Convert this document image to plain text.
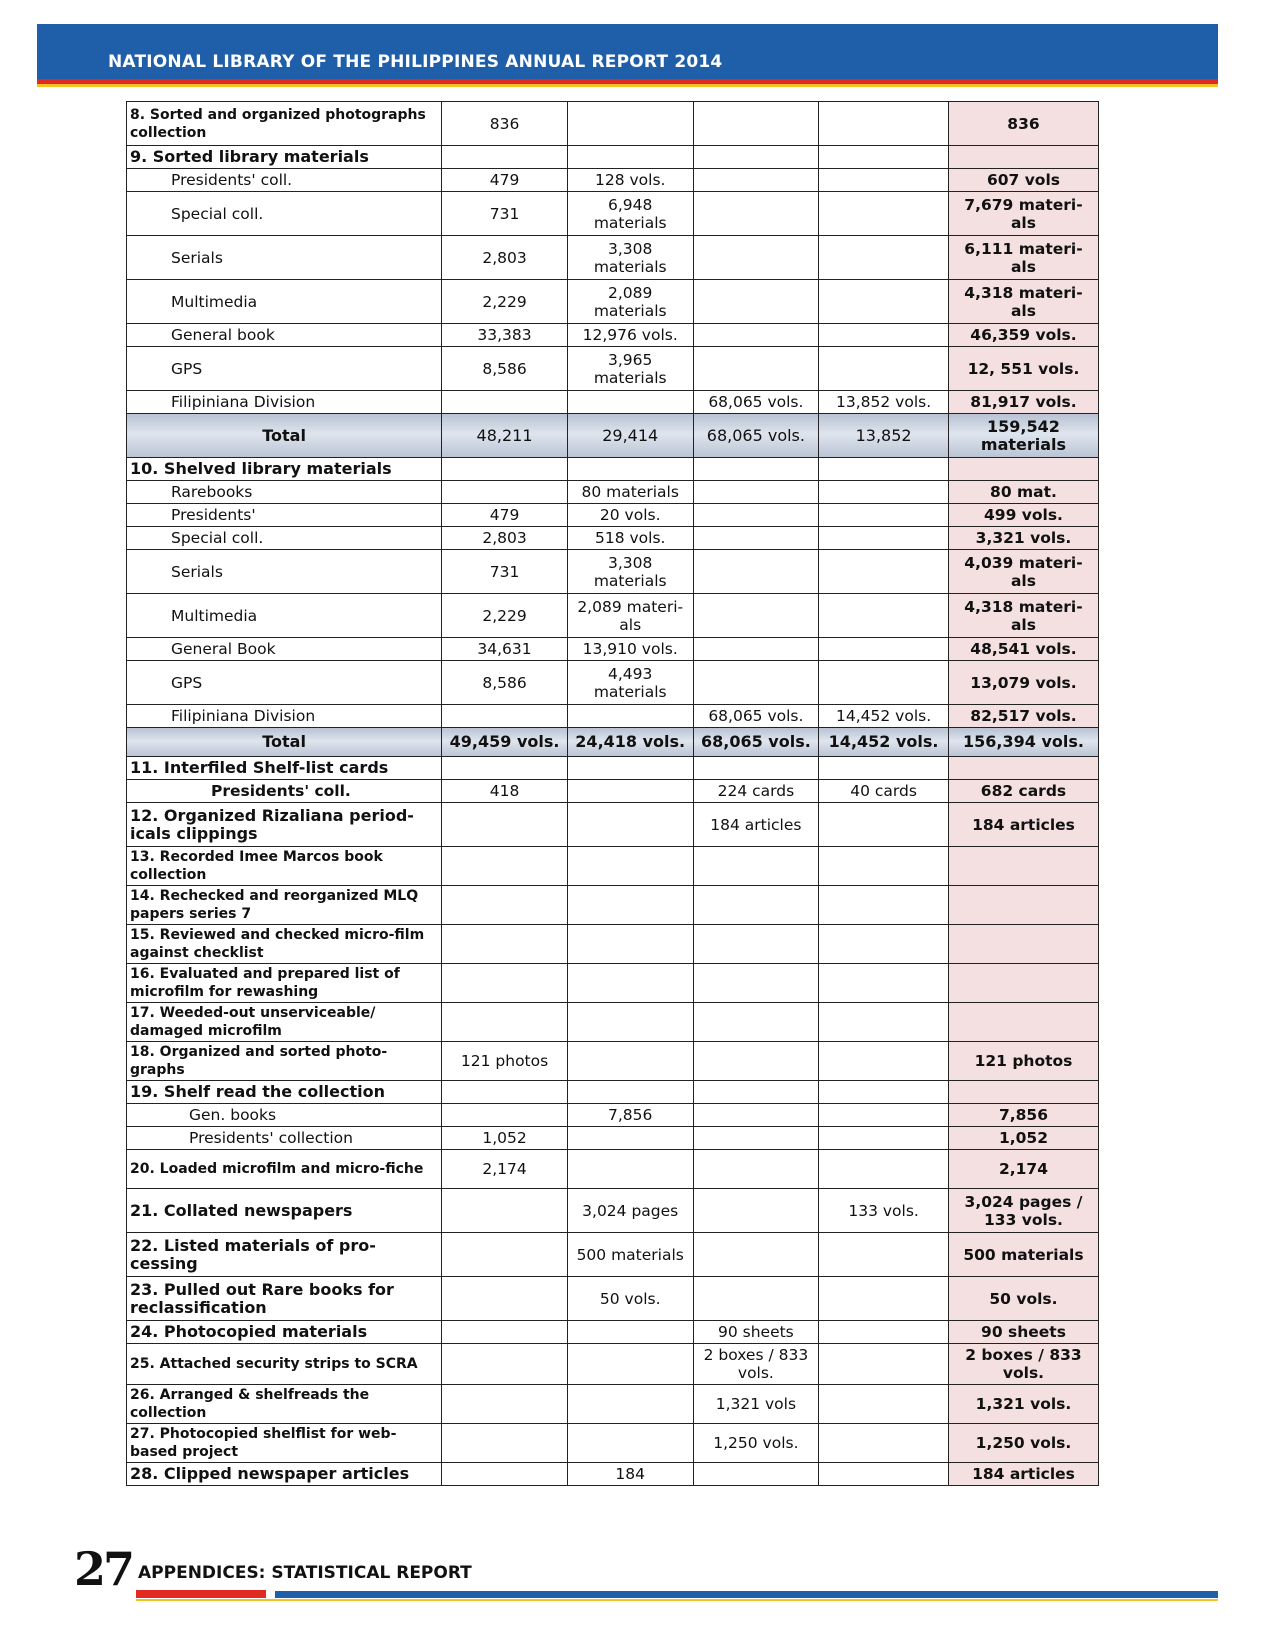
NATIONAL LIBRARY OF THE PHILIPPINES ANNUAL REPORT 2014
8. Sorted and organized photographs collection	836				836
9. Sorted library materials					
Presidents' coll.	479	128 vols.			607 vols
Special coll.	731	6,948 materials			7,679 materi-als
Serials	2,803	3,308 materials			6,111 materi-als
Multimedia	2,229	2,089 materials			4,318 materi-als
General book	33,383	12,976 vols.			46,359 vols.
GPS	8,586	3,965 materials			12, 551 vols.
Filipiniana Division			68,065 vols.	13,852 vols.	81,917 vols.
Total	48,211	29,414	68,065 vols.	13,852	159,542 materials
10. Shelved library materials					
Rarebooks		80 materials			80 mat.
Presidents'	479	20 vols.			499 vols.
Special coll.	2,803	518 vols.			3,321 vols.
Serials	731	3,308 materials			4,039 materi-als
Multimedia	2,229	2,089 materi-als			4,318 materi-als
General Book	34,631	13,910 vols.			48,541 vols.
GPS	8,586	4,493 materials			13,079 vols.
Filipiniana Division			68,065 vols.	14,452 vols.	82,517 vols.
Total	49,459 vols.	24,418 vols.	68,065 vols.	14,452 vols.	156,394 vols.
11. Interfiled Shelf-list cards					
Presidents' coll.	418		224 cards	40 cards	682 cards
12. Organized Rizaliana period-icals clippings			184 articles		184 articles
13. Recorded Imee Marcos book collection					
14. Rechecked and reorganized MLQ papers series 7					
15. Reviewed and checked micro-film against checklist					
16. Evaluated and prepared list of microfilm for rewashing					
17. Weeded-out unserviceable/ damaged microfilm					
18. Organized and sorted photo-graphs	121 photos				121 photos
19. Shelf read the collection					
Gen. books		7,856			7,856
Presidents' collection	1,052				1,052
20. Loaded microfilm and micro-fiche	2,174				2,174
21. Collated newspapers		3,024 pages		133 vols.	3,024 pages / 133 vols.
22. Listed materials of pro-cessing		500 materials			500 materials
23. Pulled out Rare books for reclassification		50 vols.			50 vols.
24. Photocopied materials			90 sheets		90 sheets
25. Attached security strips to SCRA			2 boxes / 833 vols.		2 boxes / 833 vols.
26. Arranged & shelfreads the collection			1,321 vols		1,321 vols.
27. Photocopied shelflist for web-based project			1,250 vols.		1,250 vols.
28. Clipped newspaper articles		184			184 articles
27 APPENDICES: STATISTICAL REPORT
